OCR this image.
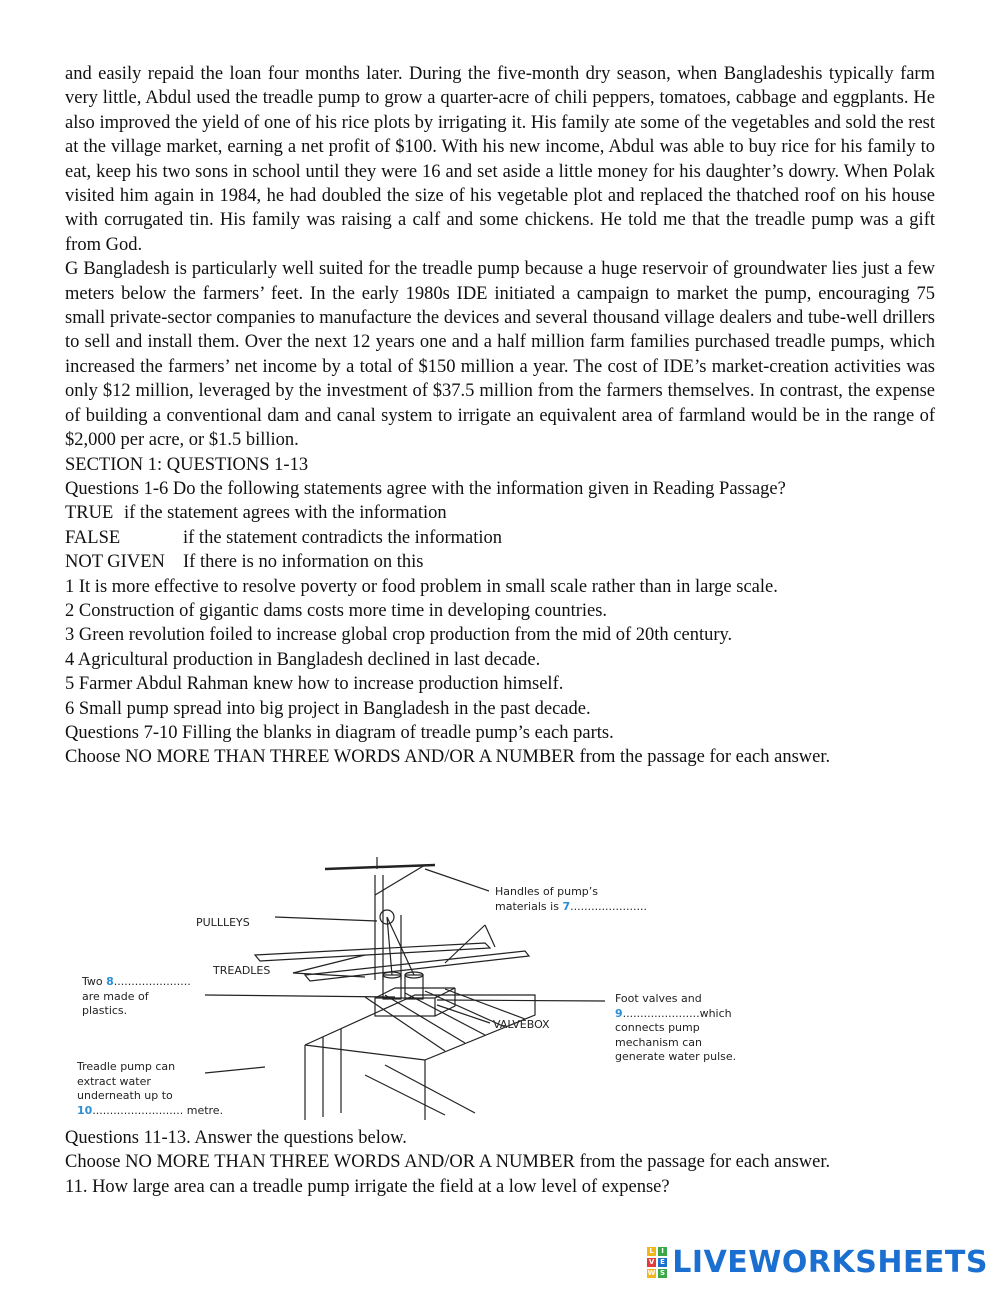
and easily repaid the loan four months later. During the five-month dry season, when Bangladeshis typically farm very little, Abdul used the treadle pump to grow a quarter-acre of chili peppers, tomatoes, cabbage and eggplants. He also improved the yield of one of his rice plots by irrigating it. His family ate some of the vegetables and sold the rest at the village market, earning a net profit of $100. With his new income, Abdul was able to buy rice for his family to eat, keep his two sons in school until they were 16 and set aside a little money for his daughter’s dowry. When Polak visited him again in 1984, he had doubled the size of his vegetable plot and replaced the thatched roof on his house with corrugated tin. His family was raising a calf and some chickens. He told me that the treadle pump was a gift from God.

G Bangladesh is particularly well suited for the treadle pump because a huge reservoir of groundwater lies just a few meters below the farmers’ feet. In the early 1980s IDE initiated a campaign to market the pump, encouraging 75 small private-sector companies to manufacture the devices and several thousand village dealers and tube-well drillers to sell and install them. Over the next 12 years one and a half million farm families purchased treadle pumps, which increased the farmers’ net income by a total of $150 million a year. The cost of IDE’s market-creation activities was only $12 million, leveraged by the investment of $37.5 million from the farmers themselves. In contrast, the expense of building a conventional dam and canal system to irrigate an equivalent area of farmland would be in the range of $2,000 per acre, or $1.5 billion.

SECTION 1: QUESTIONS 1-13

Questions 1-6 Do the following statements agree with the information given in Reading Passage?

TRUE if the statement agrees with the information
FALSE	if the statement contradicts the information
NOT GIVEN If there is no information on this

1 It is more effective to resolve poverty or food problem in small scale rather than in large scale.

2 Construction of gigantic dams costs more time in developing countries.

3 Green revolution foiled to increase global crop production from the mid of 20th century.

4 Agricultural production in Bangladesh declined in last decade.

5 Farmer Abdul Rahman knew how to increase production himself.

6 Small pump spread into big project in Bangladesh in the past decade.

Questions 7-10 Filling the blanks in diagram of treadle pump’s each parts.

Choose NO MORE THAN THREE WORDS AND/OR A NUMBER from the passage for each answer.

Handles of pump’s
materials is 7......................
PULLLEYS
TREADLES
Two 8......................
are made of
plastics.
VALVEBOX
Foot valves and
9......................which
connects pump
mechanism can
generate water pulse.
Treadle pump can
extract water
underneath up to
10.......................... metre.

Questions 11-13. Answer the questions below.

Choose NO MORE THAN THREE WORDS AND/OR A NUMBER from the passage for each answer.

11. How large area can a treadle pump irrigate the field at a low level of expense?

L I
V E
W S LIVEWORKSHEETS
